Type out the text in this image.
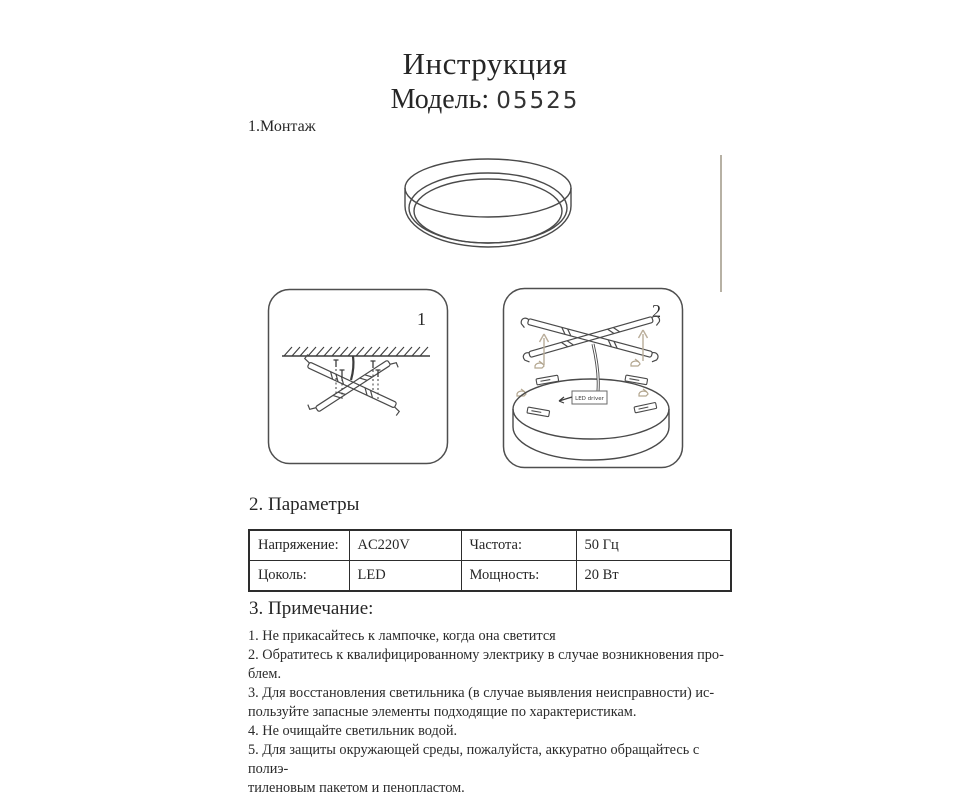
Инструкция
Модель: 05525
1.Монтаж
1	2
LED driver
2. Параметры
Напряжение:	AC220V	Частота:	50 Гц
Цоколь:	LED	Мощность:	20 Вт
3. Примечание:
1. Не прикасайтесь к лампочке, когда она светится
2. Обратитесь к квалифицированному электрику в случае возникновения про-
блем.
3. Для восстановления светильника (в случае выявления неисправности) ис-
пользуйте запасные элементы подходящие по характеристикам.
4. Не очищайте светильник водой.
5. Для защиты окружающей среды, пожалуйста, аккуратно обращайтесь с полиэ-
тиленовым пакетом и пенопластом.
